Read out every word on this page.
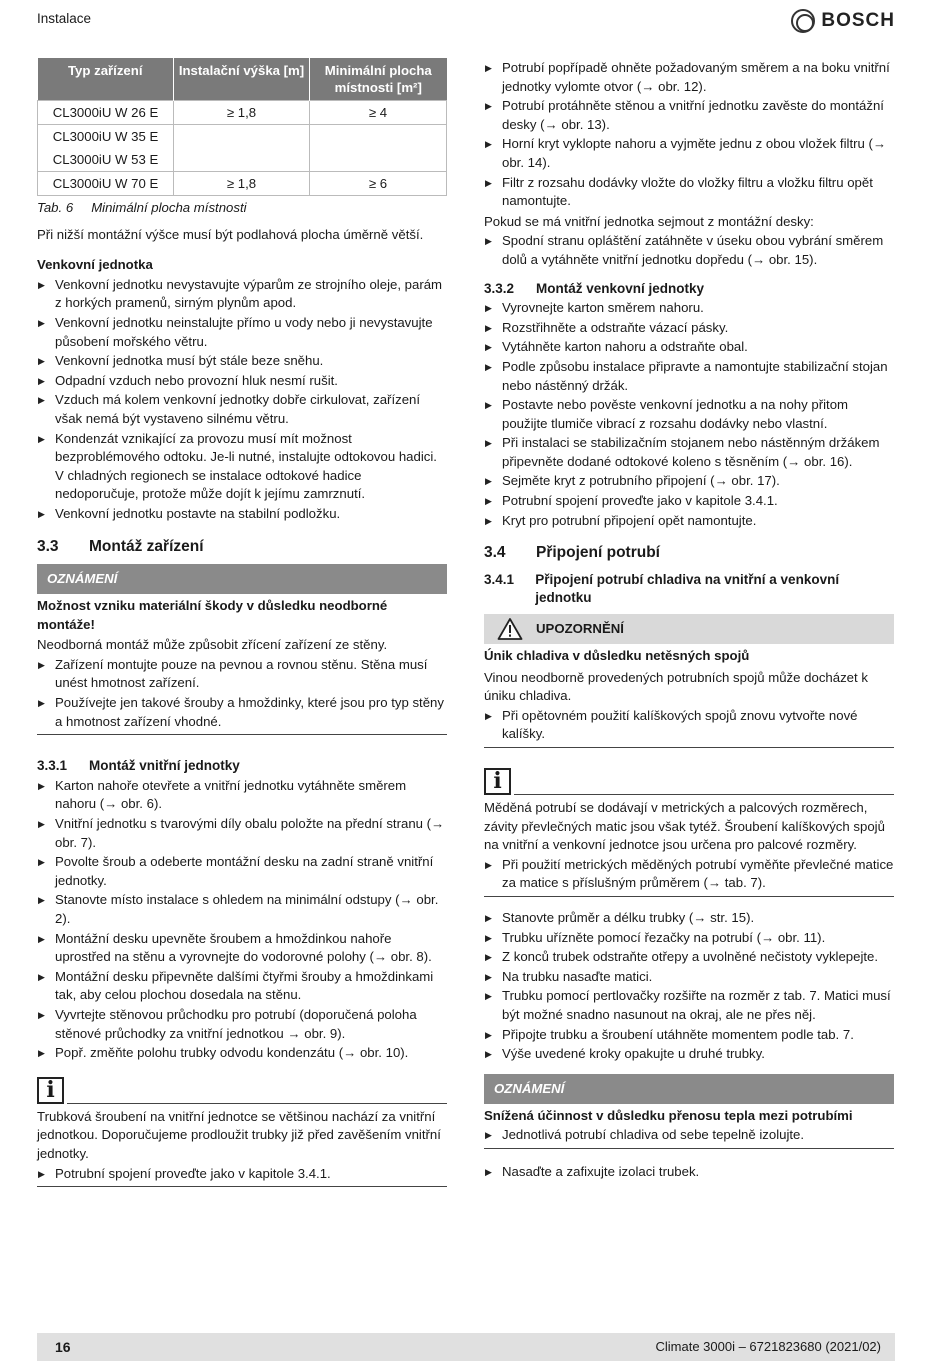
Instalace	BOSCH
Typ zařízení	Instalační výška [m]	Minimální plocha místnosti [m²]
CL3000iU W 26 E	≥ 1,8	≥ 4
CL3000iU W 35 E		
CL3000iU W 53 E		
CL3000iU W 70 E	≥ 1,8	≥ 6

Tab. 6 Minimální plocha místnosti

Při nižší montážní výšce musí být podlahová plocha úměrně větší.

Venkovní jednotka

▶ Venkovní jednotku nevystavujte výparům ze strojního oleje, parám z horkých pramenů, sirným plynům apod.
▶ Venkovní jednotku neinstalujte přímo u vody nebo ji nevystavujte působení mořského větru.
▶ Venkovní jednotka musí být stále beze sněhu.
▶ Odpadní vzduch nebo provozní hluk nesmí rušit.
▶ Vzduch má kolem venkovní jednotky dobře cirkulovat, zařízení však nemá být vystaveno silnému větru.
▶ Kondenzát vznikající za provozu musí mít možnost bezproblémového odtoku. Je-li nutné, instalujte odtokovou hadici. V chladných regionech se instalace odtokové hadice nedoporučuje, protože může dojít k jejímu zamrznutí.
▶ Venkovní jednotku postavte na stabilní podložku.
3.3	Montáž zařízení
OZNÁMENÍ

Možnost vzniku materiální škody v důsledku neodborné montáže!

Neodborná montáž může způsobit zřícení zařízení ze stěny.

▶ Zařízení montujte pouze na pevnou a rovnou stěnu. Stěna musí unést hmotnost zařízení.
▶ Používejte jen takové šrouby a hmoždinky, které jsou pro typ stěny a hmotnost zařízení vhodné.
3.3.1	Montáž vnitřní jednotky
▶ Karton nahoře otevřete a vnitřní jednotku vytáhněte směrem nahoru (→ obr. 6).
▶ Vnitřní jednotku s tvarovými díly obalu položte na přední stranu (→ obr. 7).
▶ Povolte šroub a odeberte montážní desku na zadní straně vnitřní jednotky.
▶ Stanovte místo instalace s ohledem na minimální odstupy (→ obr. 2).
▶ Montážní desku upevněte šroubem a hmoždinkou nahoře uprostřed na stěnu a vyrovnejte do vodorovné polohy (→ obr. 8).
▶ Montážní desku připevněte dalšími čtyřmi šrouby a hmoždinkami tak, aby celou plochou dosedala na stěnu.
▶ Vyvrtejte stěnovou průchodku pro potrubí (doporučená poloha stěnové průchodky za vnitřní jednotkou → obr. 9).
▶ Popř. změňte polohu trubky odvodu kondenzátu (→ obr. 10).
i

Trubková šroubení na vnitřní jednotce se většinou nachází za vnitřní jednotkou. Doporučujeme prodloužit trubky již před zavěšením vnitřní jednotky.

▶ Potrubní spojení proveďte jako v kapitole 3.4.1.
▶ Potrubí popřípadě ohněte požadovaným směrem a na boku vnitřní jednotky vylomte otvor (→ obr. 12).
▶ Potrubí protáhněte stěnou a vnitřní jednotku zavěste do montážní desky (→ obr. 13).
▶ Horní kryt vyklopte nahoru a vyjměte jednu z obou vložek filtru (→ obr. 14).
▶ Filtr z rozsahu dodávky vložte do vložky filtru a vložku filtru opět namontujte.

Pokud se má vnitřní jednotka sejmout z montážní desky:

▶ Spodní stranu opláštění zatáhněte v úseku obou vybrání směrem dolů a vytáhněte vnitřní jednotku dopředu (→ obr. 15).
3.3.2	Montáž venkovní jednotky
▶ Vyrovnejte karton směrem nahoru.
▶ Rozstřihněte a odstraňte vázací pásky.
▶ Vytáhněte karton nahoru a odstraňte obal.
▶ Podle způsobu instalace připravte a namontujte stabilizační stojan nebo nástěnný držák.
▶ Postavte nebo pověste venkovní jednotku a na nohy přitom použijte tlumiče vibrací z rozsahu dodávky nebo vlastní.
▶ Při instalaci se stabilizačním stojanem nebo nástěnným držákem připevněte dodané odtokové koleno s těsněním (→ obr. 16).
▶ Sejměte kryt z potrubního připojení (→ obr. 17).
▶ Potrubní spojení proveďte jako v kapitole 3.4.1.
▶ Kryt pro potrubní připojení opět namontujte.
3.4	Připojení potrubí
3.4.1	Připojení potrubí chladiva na vnitřní a venkovní jednotku
UPOZORNĚNÍ

Únik chladiva v důsledku netěsných spojů

Vinou neodborně provedených potrubních spojů může docházet k úniku chladiva.

▶ Při opětovném použití kalíškových spojů znovu vytvořte nové kalíšky.
i

Měděná potrubí se dodávají v metrických a palcových rozměrech, závity převlečných matic jsou však tytéž. Šroubení kalíškových spojů na vnitřní a venkovní jednotce jsou určena pro palcové rozměry.

▶ Při použití metrických měděných potrubí vyměňte převlečné matice za matice s příslušným průměrem (→ tab. 7).
▶ Stanovte průměr a délku trubky (→ str. 15).
▶ Trubku uřízněte pomocí řezačky na potrubí (→ obr. 11).
▶ Z konců trubek odstraňte otřepy a uvolněné nečistoty vyklepejte.
▶ Na trubku nasaďte matici.
▶ Trubku pomocí pertlovačky rozšiřte na rozměr z tab. 7. Matici musí být možné snadno nasunout na okraj, ale ne přes něj.
▶ Připojte trubku a šroubení utáhněte momentem podle tab. 7.
▶ Výše uvedené kroky opakujte u druhé trubky.
OZNÁMENÍ

Snížená účinnost v důsledku přenosu tepla mezi potrubími

▶ Jednotlivá potrubí chladiva od sebe tepelně izolujte.
▶ Nasaďte a zafixujte izolaci trubek.
16	Climate 3000i – 6721823680 (2021/02)
